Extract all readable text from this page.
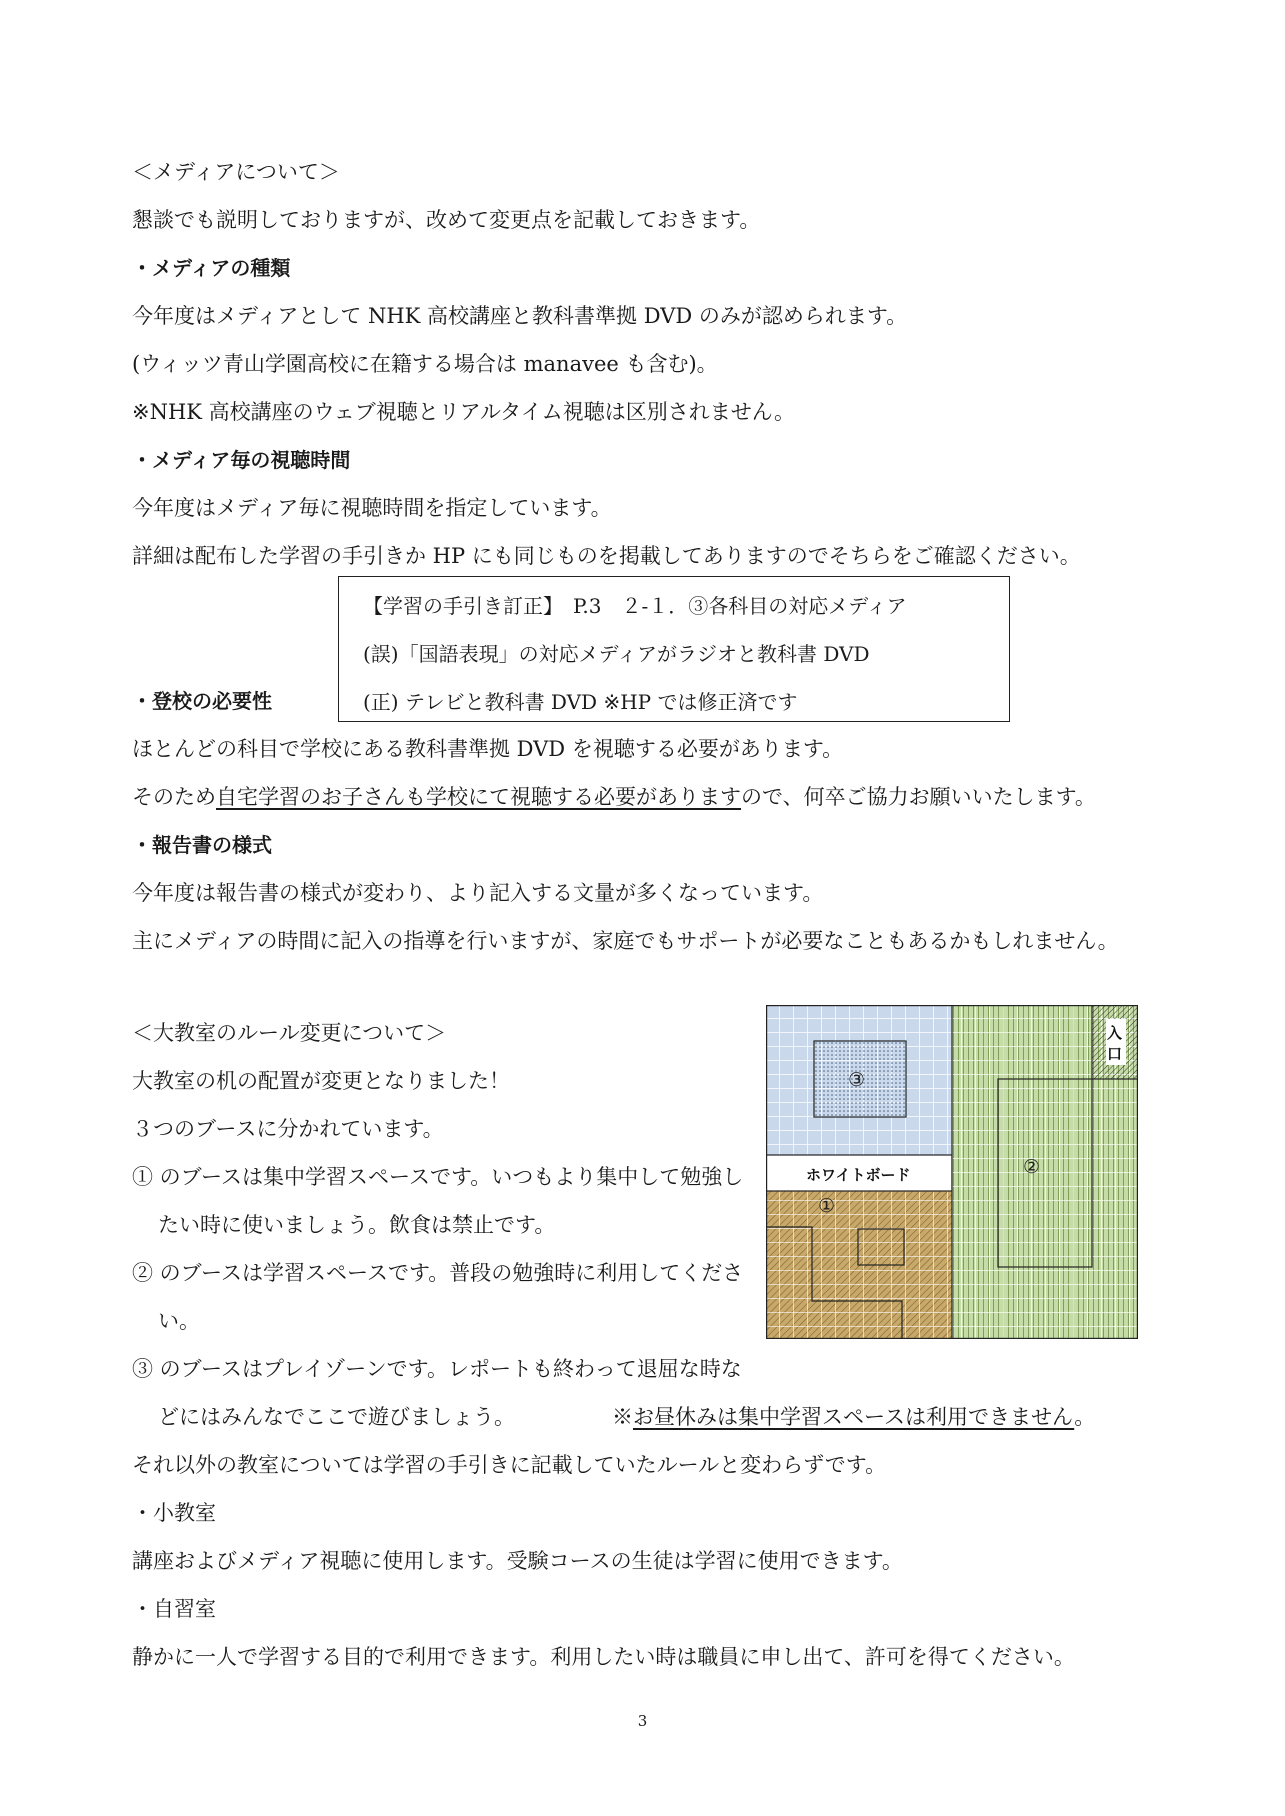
＜メディアについて＞
懇談でも説明しておりますが、改めて変更点を記載しておきます。
・メディアの種類
今年度はメディアとして NHK 高校講座と教科書準拠 DVD のみが認められます。
(ウィッツ青山学園高校に在籍する場合は manavee も含む)。
※NHK 高校講座のウェブ視聴とリアルタイム視聴は区別されません。
・メディア毎の視聴時間
今年度はメディア毎に視聴時間を指定しています。
詳細は配布した学習の手引きか HP にも同じものを掲載してありますのでそちらをご確認ください。
【学習の手引き訂正】　P.3　２-１．③各科目の対応メディア
(誤)「国語表現」の対応メディアがラジオと教科書 DVD
(正) テレビと教科書 DVD ※HP では修正済です
・登校の必要性
ほとんどの科目で学校にある教科書準拠 DVD を視聴する必要があります。
そのため自宅学習のお子さんも学校にて視聴する必要がありますので、何卒ご協力お願いいたします。
・報告書の様式
今年度は報告書の様式が変わり、より記入する文量が多くなっています。
主にメディアの時間に記入の指導を行いますが、家庭でもサポートが必要なこともあるかもしれません。
＜大教室のルール変更について＞
大教室の机の配置が変更となりました！
３つのブースに分かれています。
① のブースは集中学習スペースです。いつもより集中して勉強し
たい時に使いましょう。飲食は禁止です。
② のブースは学習スペースです。普段の勉強時に利用してくださ
い。
③ のブースはプレイゾーンです。レポートも終わって退屈な時な
どにはみんなでここで遊びましょう。	※お昼休みは集中学習スペースは利用できません。
それ以外の教室については学習の手引きに記載していたルールと変わらずです。
・小教室
講座およびメディア視聴に使用します。受験コースの生徒は学習に使用できます。
・自習室
静かに一人で学習する目的で利用できます。利用したい時は職員に申し出て、許可を得てください。
③
①
ホワイトボード	②
入
口
3
